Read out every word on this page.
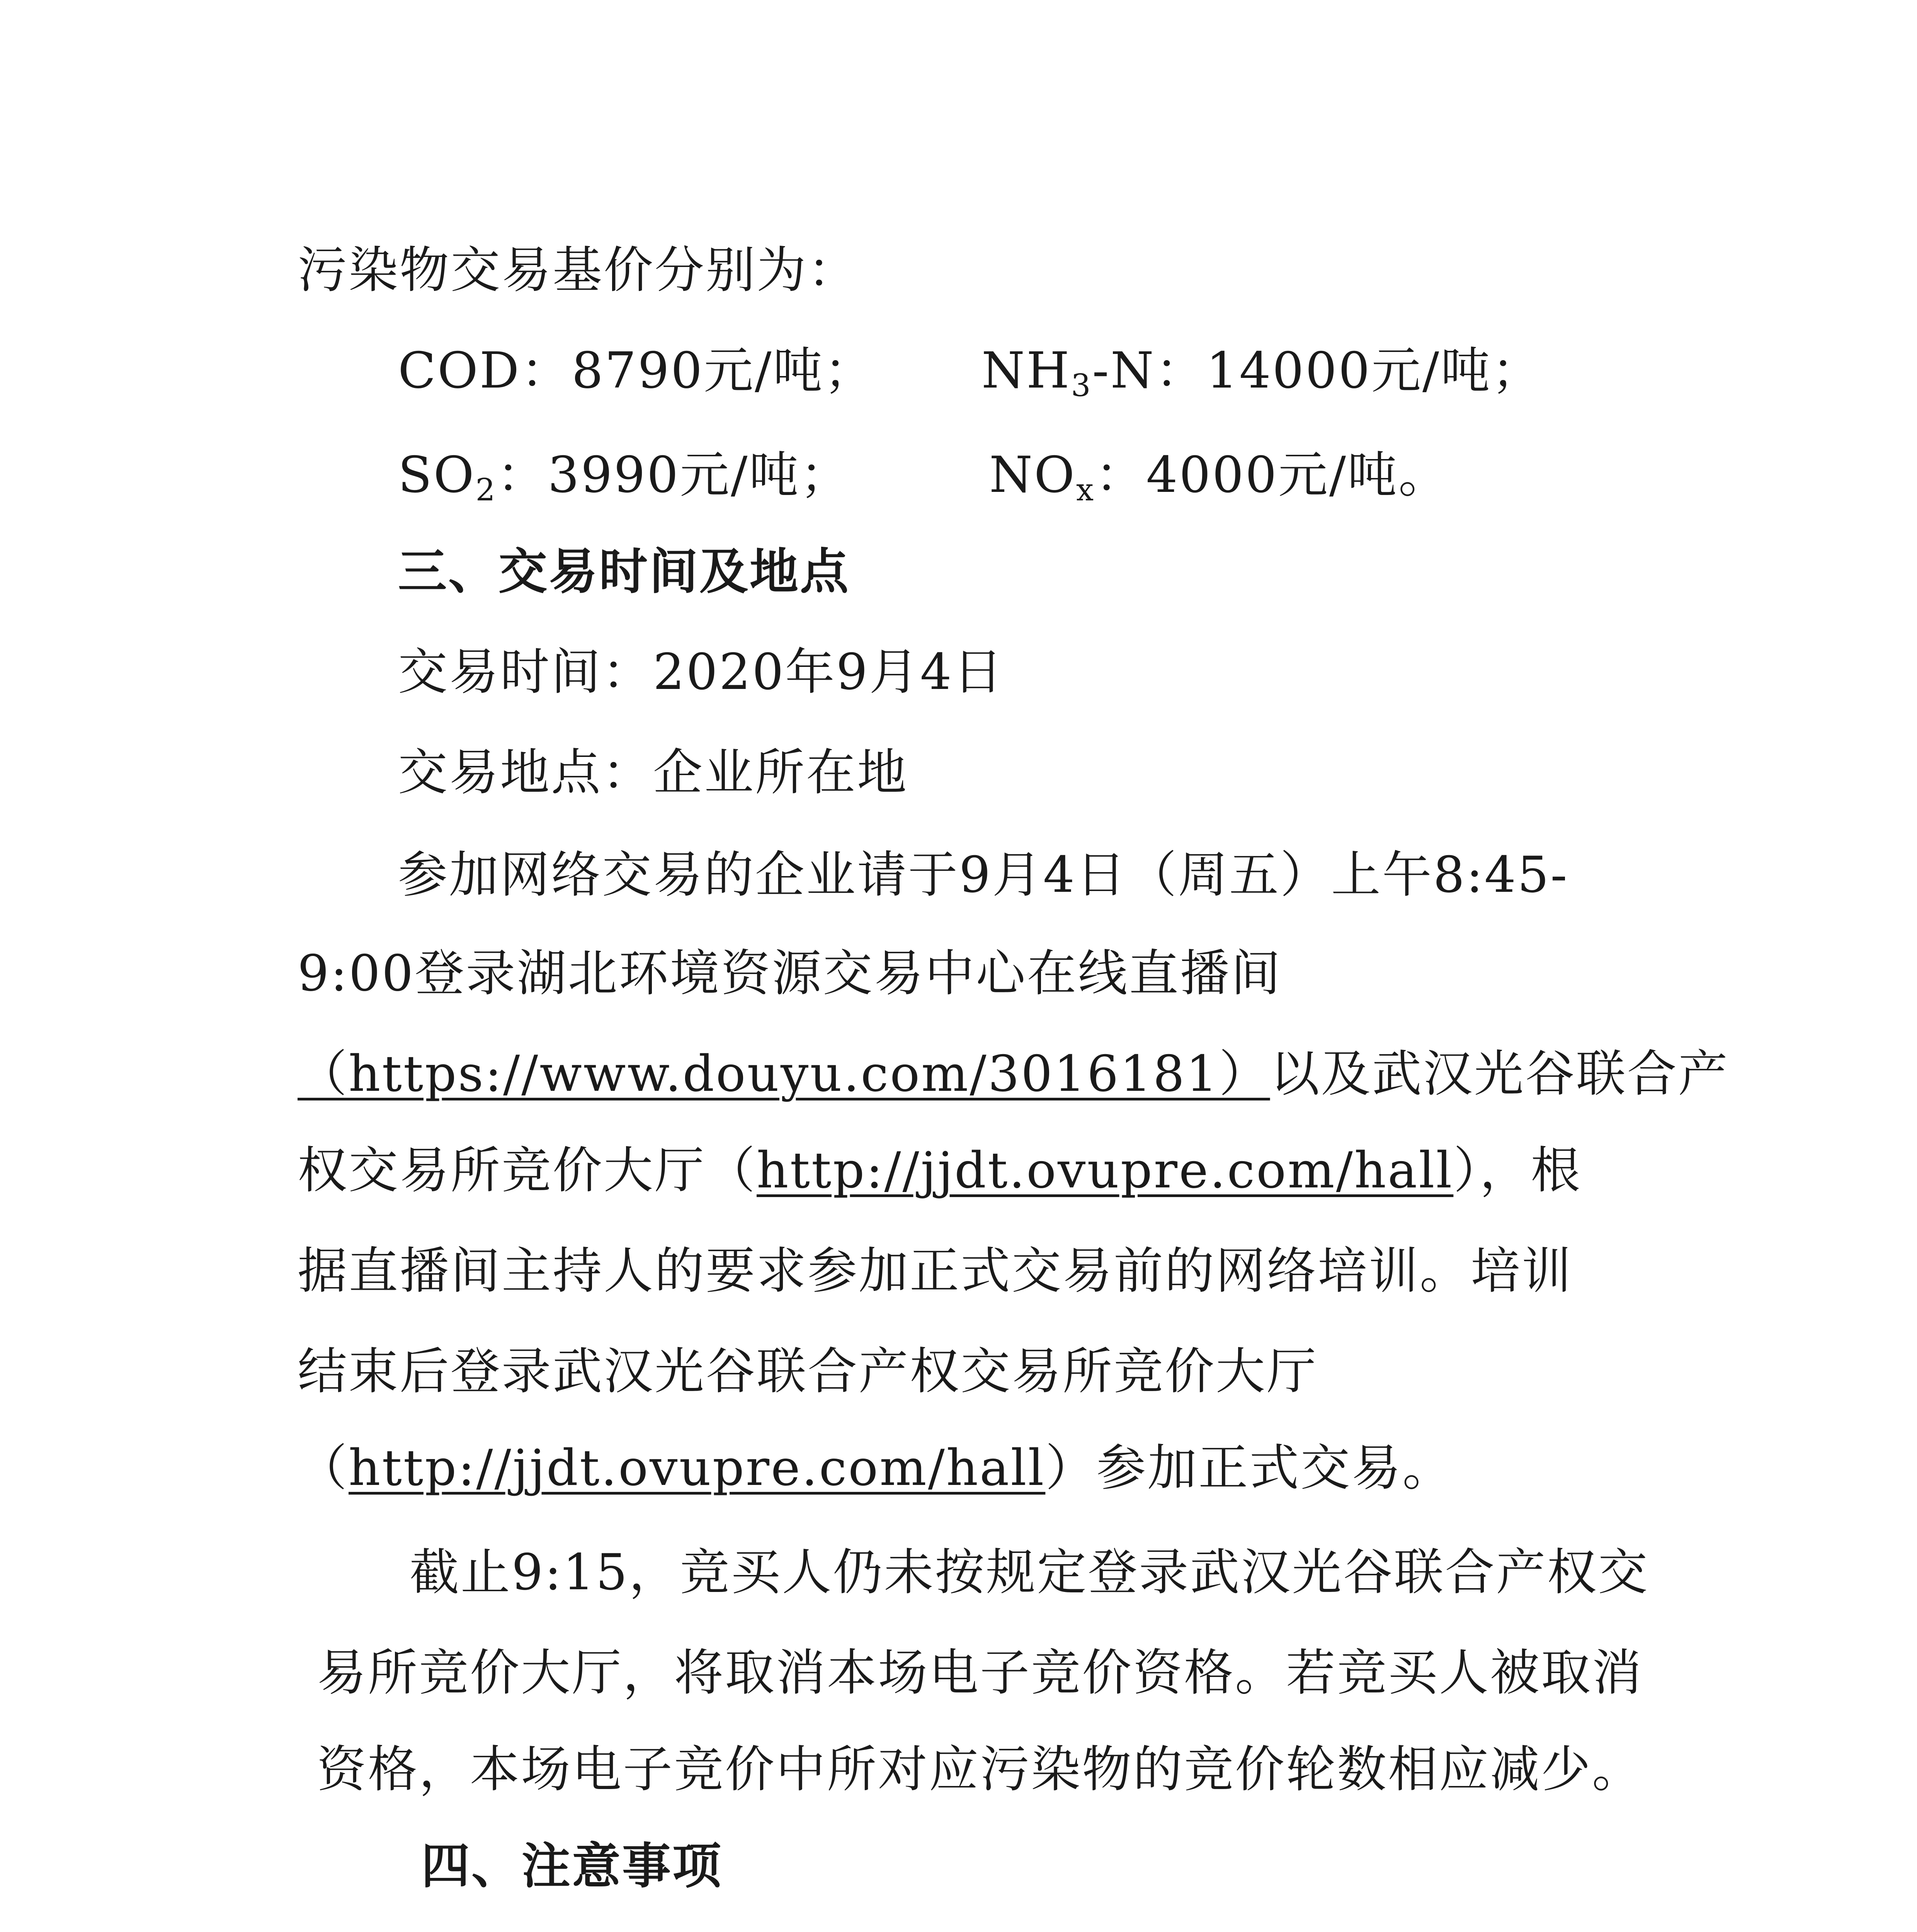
污染物交易基价分别为：
COD：8790元/吨； $NH_3-N$：14000元/吨；
$SO_2$：3990元/吨；	$NO_x$：4000元/吨。
三、交易时间及地点
交易时间：2020年9月4日
交易地点：企业所在地
参加网络交易的企业请于9月4日（周五）上午8:45-
9:00登录湖北环境资源交易中心在线直播间
（https://www.douyu.com/3016181）以及武汉光谷联合产
权交易所竞价大厅（http://jjdt.ovupre.com/hall），根
据直播间主持人的要求参加正式交易前的网络培训。培训
结束后登录武汉光谷联合产权交易所竞价大厅
（http://jjdt.ovupre.com/hall）参加正式交易。
截止9:15，竞买人仍未按规定登录武汉光谷联合产权交
易所竞价大厅，将取消本场电子竞价资格。若竞买人被取消
资格，本场电子竞价中所对应污染物的竞价轮数相应减少。
四、注意事项
